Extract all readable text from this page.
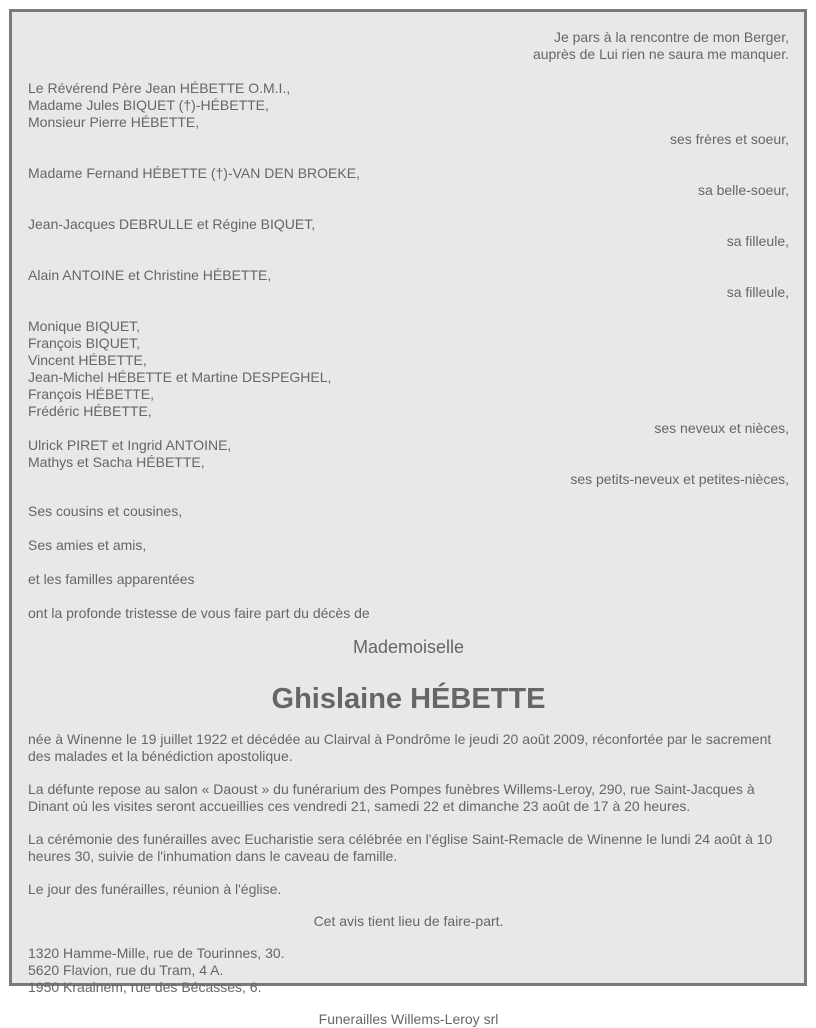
Je pars à la rencontre de mon Berger,
auprès de Lui rien ne saura me manquer.
Le Révérend Père Jean HÉBETTE O.M.I.,
Madame Jules BIQUET (†)-HÉBETTE,
Monsieur Pierre HÉBETTE,
ses frères et soeur,
Madame Fernand HÉBETTE (†)-VAN DEN BROEKE,
sa belle-soeur,
Jean-Jacques DEBRULLE et Régine BIQUET,
sa filleule,
Alain ANTOINE et Christine HÉBETTE,
sa filleule,
Monique BIQUET,
François BIQUET,
Vincent HÉBETTE,
Jean-Michel HÉBETTE et Martine DESPEGHEL,
François HÉBETTE,
Frédéric HÉBETTE,
ses neveux et nièces,
Ulrick PIRET et Ingrid ANTOINE,
Mathys et Sacha HÉBETTE,
ses petits-neveux et petites-nièces,
Ses cousins et cousines,
Ses amies et amis,
et les familles apparentées
ont la profonde tristesse de vous faire part du décès de
Mademoiselle
Ghislaine HÉBETTE
née à Winenne le 19 juillet 1922 et décédée au Clairval à Pondrôme le jeudi 20 août 2009, réconfortée par le sacrement des malades et la bénédiction apostolique.
La défunte repose au salon « Daoust » du funérarium des Pompes funèbres Willems-Leroy, 290, rue Saint-Jacques à Dinant où les visites seront accueillies ces vendredi 21, samedi 22 et dimanche 23 août de 17 à 20 heures.
La cérémonie des funérailles avec Eucharistie sera célébrée en l'église Saint-Remacle de Winenne le lundi 24 août à 10 heures 30, suivie de l'inhumation dans le caveau de famille.
Le jour des funérailles, réunion à l'église.
Cet avis tient lieu de faire-part.
1320 Hamme-Mille, rue de Tourinnes, 30.
5620 Flavion, rue du Tram, 4 A.
1950 Kraainem, rue des Bécasses, 6.
Funerailles Willems-Leroy srl
